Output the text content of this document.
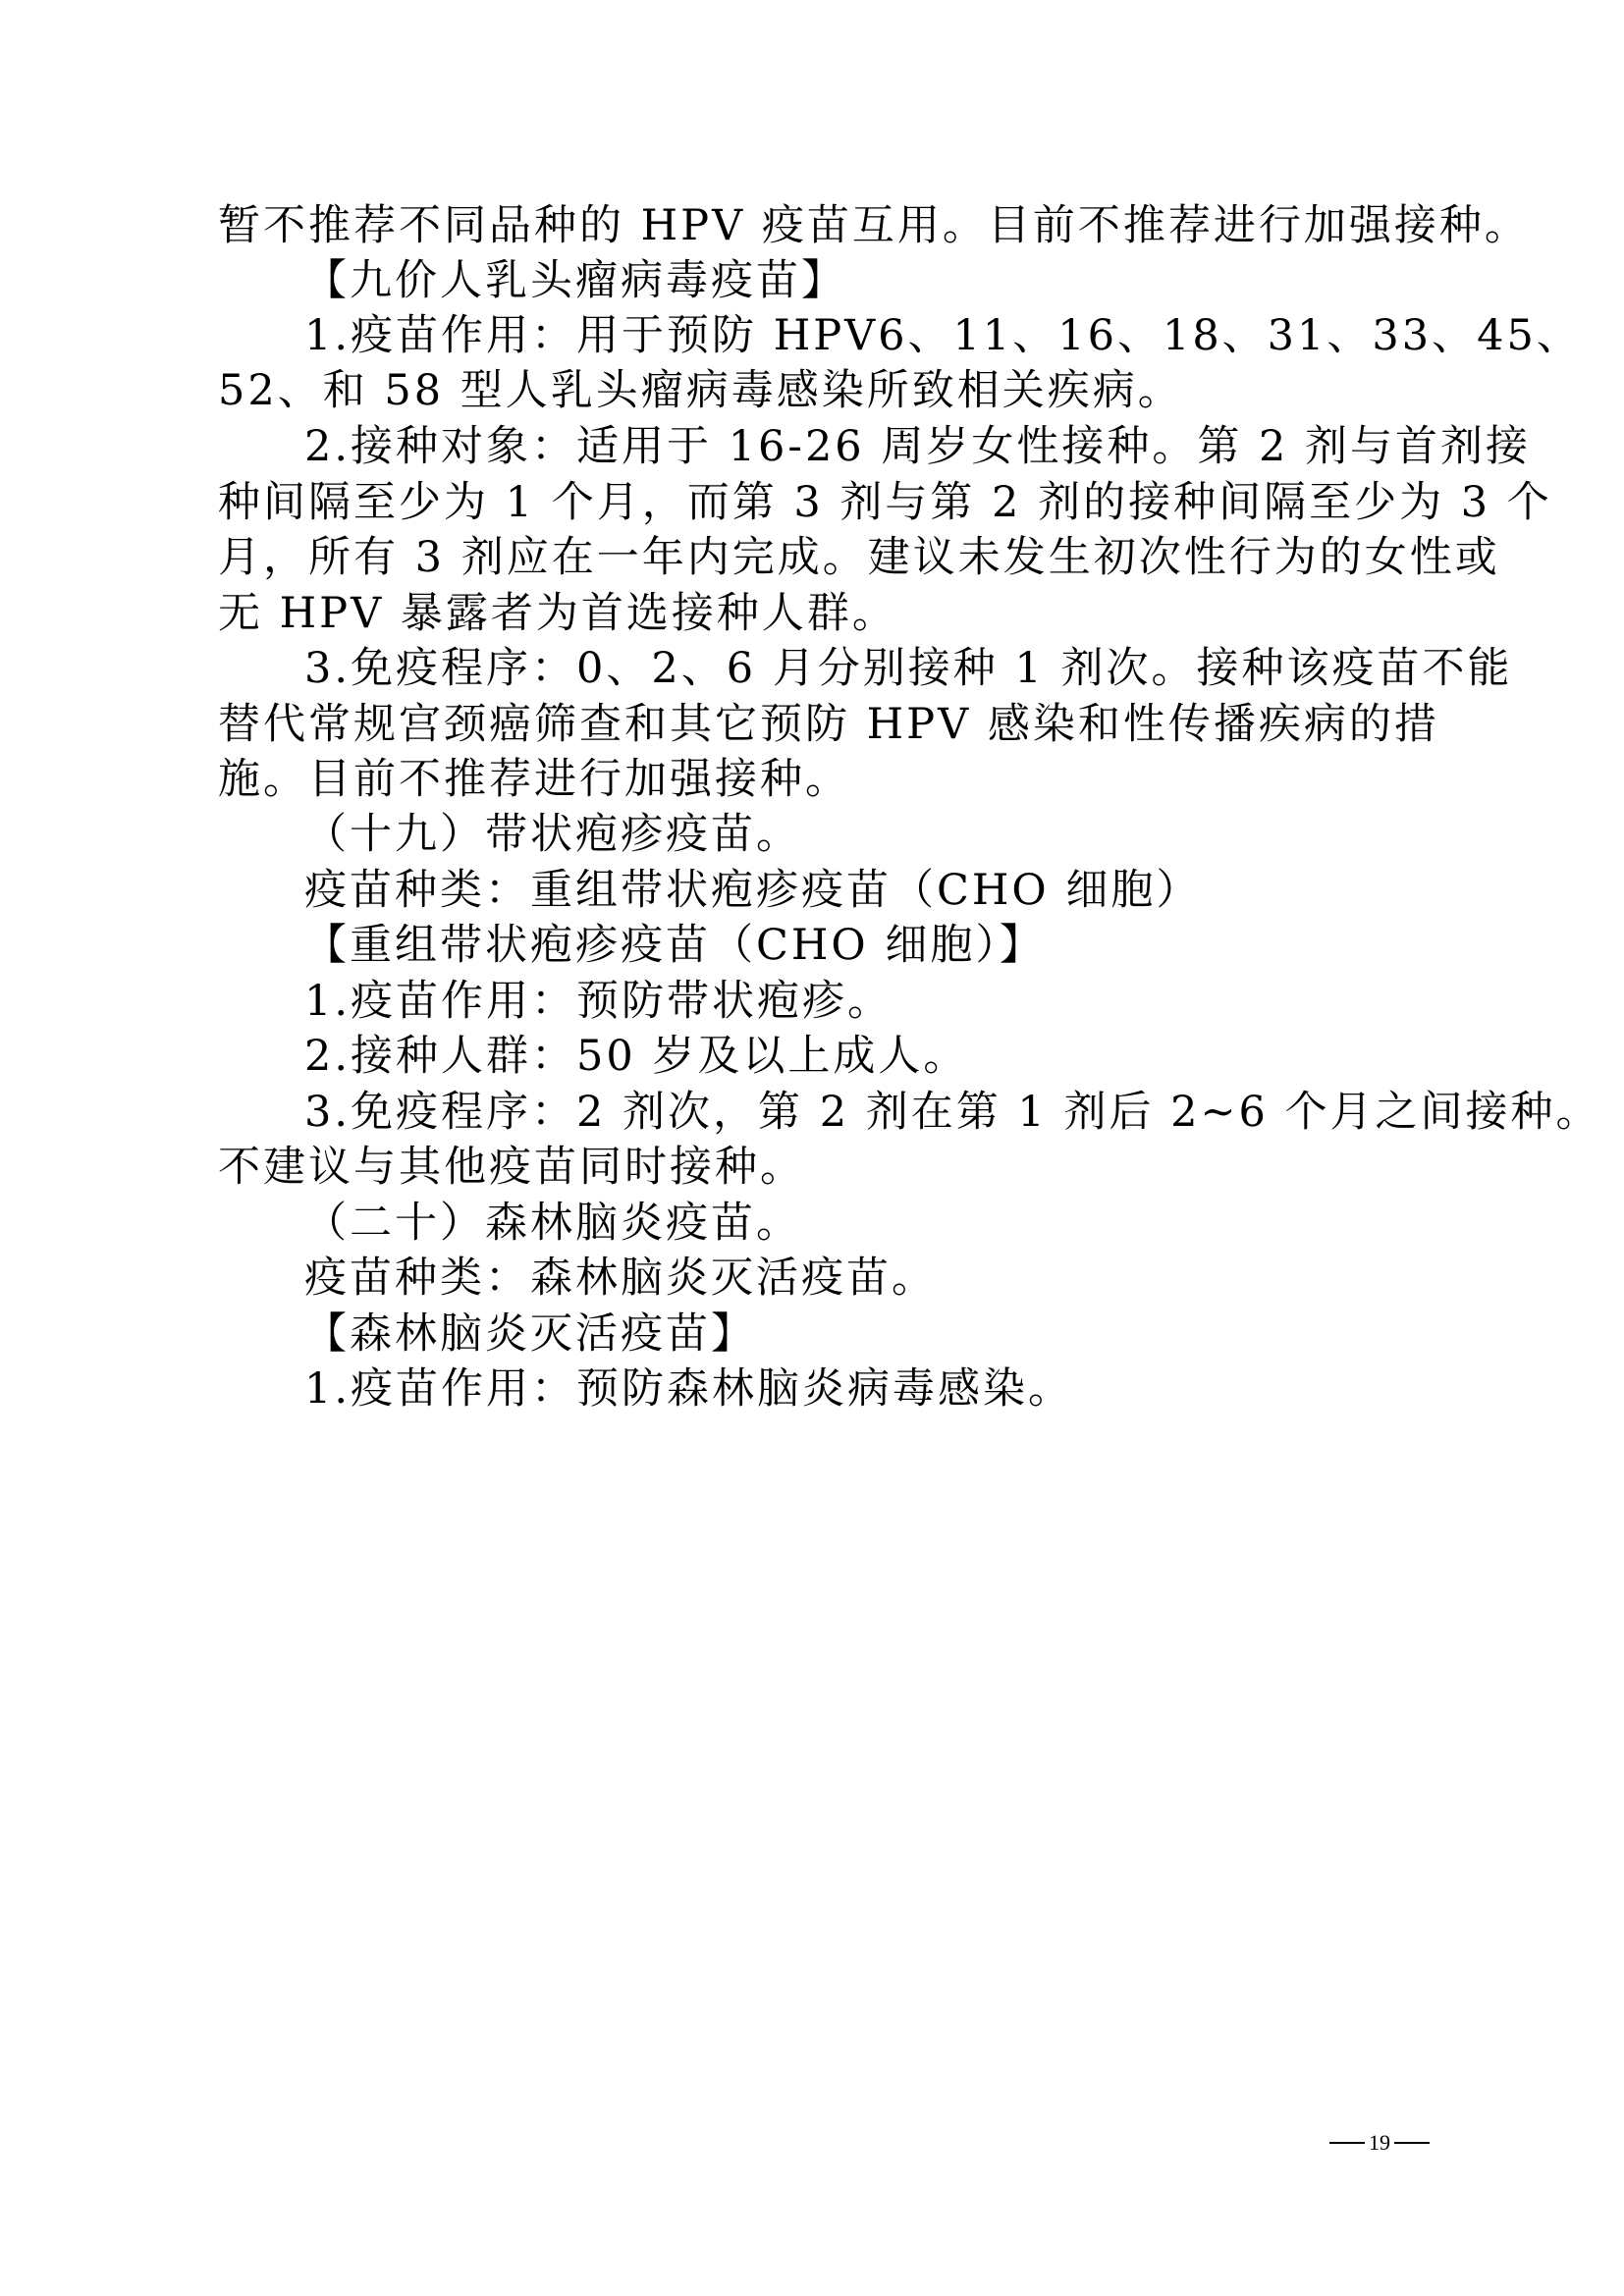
暂不推荐不同品种的 HPV 疫苗互用。目前不推荐进行加强接种。
【九价人乳头瘤病毒疫苗】
1.疫苗作用：用于预防 HPV6、11、16、18、31、33、45、
52、和 58 型人乳头瘤病毒感染所致相关疾病。
2.接种对象：适用于 16-26 周岁女性接种。第 2 剂与首剂接
种间隔至少为 1 个月，而第 3 剂与第 2 剂的接种间隔至少为 3 个
月，所有 3 剂应在一年内完成。建议未发生初次性行为的女性或
无 HPV 暴露者为首选接种人群。
3.免疫程序：0、2、6 月分别接种 1 剂次。接种该疫苗不能
替代常规宫颈癌筛查和其它预防 HPV 感染和性传播疾病的措
施。目前不推荐进行加强接种。
（十九）带状疱疹疫苗。
疫苗种类：重组带状疱疹疫苗（CHO 细胞）
【重组带状疱疹疫苗（CHO 细胞）】
1.疫苗作用：预防带状疱疹。
2.接种人群：50 岁及以上成人。
3.免疫程序：2 剂次，第 2 剂在第 1 剂后 2~6 个月之间接种。
不建议与其他疫苗同时接种。
（二十）森林脑炎疫苗。
疫苗种类：森林脑炎灭活疫苗。
【森林脑炎灭活疫苗】
1.疫苗作用：预防森林脑炎病毒感染。
19
